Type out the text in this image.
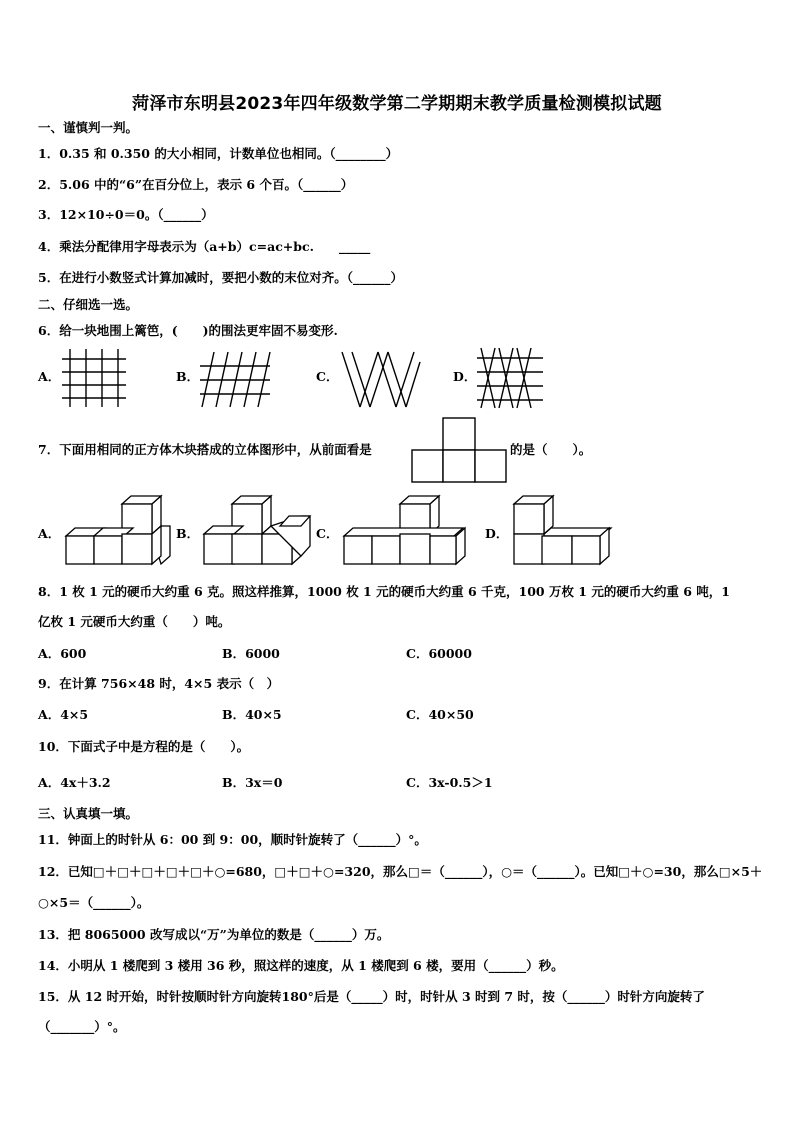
菏泽市东明县2023年四年级数学第二学期期末教学质量检测模拟试题
一、谨慎判一判。
1．0.35 和 0.350 的大小相同，计数单位也相同。（________）
2．5.06 中的“6”在百分位上，表示 6 个百。（______）
3．12×10÷0＝0。（______）
4．乘法分配律用字母表示为（a+b）c=ac+bc.　　_____
5．在进行小数竖式计算加减时，要把小数的末位对齐。（______）
二、仔细选一选。
6．给一块地围上篱笆，(　　)的围法更牢固不易变形.
A．	B．	C．	D．
7．下面用相同的正方体木块搭成的立体图形中，从前面看是	的是（　　）。
A．	B．	C．	D．
8．1 枚 1 元的硬币大约重 6 克。照这样推算，1000 枚 1 元的硬币大约重 6 千克，100 万枚 1 元的硬币大约重 6 吨，1
亿枚 1 元硬币大约重（　　）吨。
A．600	B．6000	C．60000
9．在计算 756×48 时，4×5 表示（　）
A．4×5	B．40×5	C．40×50
10．下面式子中是方程的是（　　）。
A．4x＋3.2	B．3x＝0	C．3x-0.5＞1
三、认真填一填。
11．钟面上的时针从 6：00 到 9：00，顺时针旋转了（______）°。
12．已知□＋□＋□＋□＋□＋○=680，□＋□＋○=320，那么□＝（______），○＝（______）。已知□＋○=30，那么□×5＋
○×5＝（______）。
13．把 8065000 改写成以“万”为单位的数是（______）万。
14．小明从 1 楼爬到 3 楼用 36 秒，照这样的速度，从 1 楼爬到 6 楼，要用（______）秒。
15．从 12 时开始，时针按顺时针方向旋转180°后是（_____）时，时针从 3 时到 7 时，按（______）时针方向旋转了
（_______）°。
